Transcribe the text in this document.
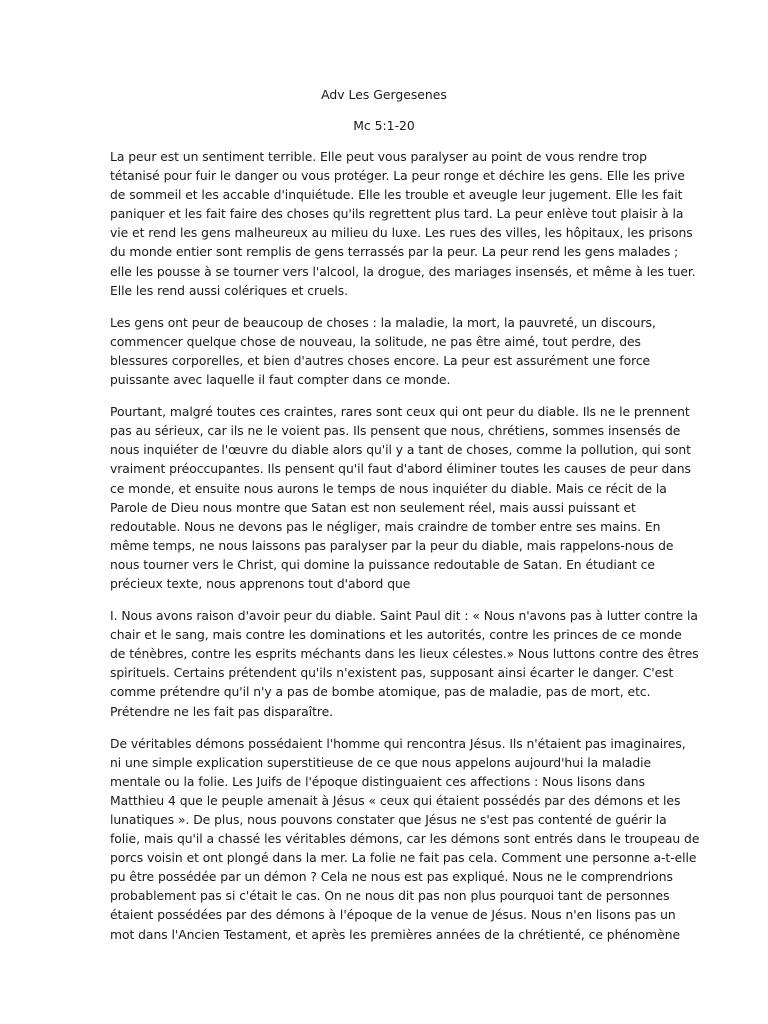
Adv Les Gergesenes
Mc 5:1-20

La peur est un sentiment terrible. Elle peut vous paralyser au point de vous rendre trop
tétanisé pour fuir le danger ou vous protéger. La peur ronge et déchire les gens. Elle les prive
de sommeil et les accable d'inquiétude. Elle les trouble et aveugle leur jugement. Elle les fait
paniquer et les fait faire des choses qu'ils regrettent plus tard. La peur enlève tout plaisir à la
vie et rend les gens malheureux au milieu du luxe. Les rues des villes, les hôpitaux, les prisons
du monde entier sont remplis de gens terrassés par la peur. La peur rend les gens malades ;
elle les pousse à se tourner vers l'alcool, la drogue, des mariages insensés, et même à les tuer.
Elle les rend aussi colériques et cruels.

Les gens ont peur de beaucoup de choses : la maladie, la mort, la pauvreté, un discours,
commencer quelque chose de nouveau, la solitude, ne pas être aimé, tout perdre, des
blessures corporelles, et bien d'autres choses encore. La peur est assurément une force
puissante avec laquelle il faut compter dans ce monde.

Pourtant, malgré toutes ces craintes, rares sont ceux qui ont peur du diable. Ils ne le prennent
pas au sérieux, car ils ne le voient pas. Ils pensent que nous, chrétiens, sommes insensés de
nous inquiéter de l'œuvre du diable alors qu'il y a tant de choses, comme la pollution, qui sont
vraiment préoccupantes. Ils pensent qu'il faut d'abord éliminer toutes les causes de peur dans
ce monde, et ensuite nous aurons le temps de nous inquiéter du diable. Mais ce récit de la
Parole de Dieu nous montre que Satan est non seulement réel, mais aussi puissant et
redoutable. Nous ne devons pas le négliger, mais craindre de tomber entre ses mains. En
même temps, ne nous laissons pas paralyser par la peur du diable, mais rappelons-nous de
nous tourner vers le Christ, qui domine la puissance redoutable de Satan. En étudiant ce
précieux texte, nous apprenons tout d'abord que

I. Nous avons raison d'avoir peur du diable. Saint Paul dit : « Nous n'avons pas à lutter contre la
chair et le sang, mais contre les dominations et les autorités, contre les princes de ce monde
de ténèbres, contre les esprits méchants dans les lieux célestes.» Nous luttons contre des êtres
spirituels. Certains prétendent qu'ils n'existent pas, supposant ainsi écarter le danger. C'est
comme prétendre qu'il n'y a pas de bombe atomique, pas de maladie, pas de mort, etc.
Prétendre ne les fait pas disparaître.

De véritables démons possédaient l'homme qui rencontra Jésus. Ils n'étaient pas imaginaires,
ni une simple explication superstitieuse de ce que nous appelons aujourd'hui la maladie
mentale ou la folie. Les Juifs de l'époque distinguaient ces affections : Nous lisons dans
Matthieu 4 que le peuple amenait à Jésus « ceux qui étaient possédés par des démons et les
lunatiques ». De plus, nous pouvons constater que Jésus ne s'est pas contenté de guérir la
folie, mais qu'il a chassé les véritables démons, car les démons sont entrés dans le troupeau de
porcs voisin et ont plongé dans la mer. La folie ne fait pas cela. Comment une personne a-t-elle
pu être possédée par un démon ? Cela ne nous est pas expliqué. Nous ne le comprendrions
probablement pas si c'était le cas. On ne nous dit pas non plus pourquoi tant de personnes
étaient possédées par des démons à l'époque de la venue de Jésus. Nous n'en lisons pas un
mot dans l'Ancien Testament, et après les premières années de la chrétienté, ce phénomène
